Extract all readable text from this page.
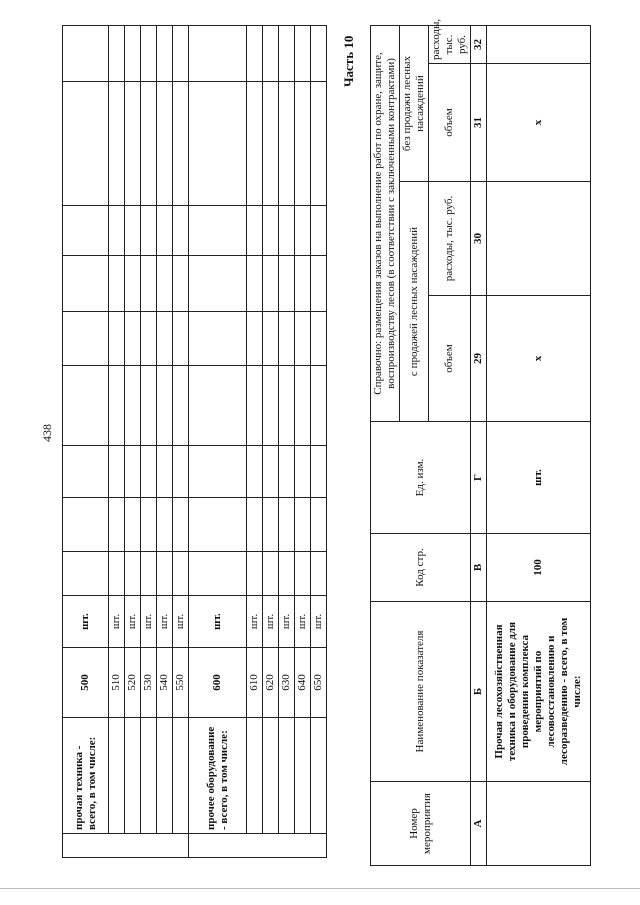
438
	прочая техника - всего, в том числе:	500	шт.									
		510	шт.									
		520	шт.									
		530	шт.									
		540	шт.									
		550	шт.									
	прочее оборудование - всего, в том числе:	600	шт.									
		610	шт.									
		620	шт.									
		630	шт.									
		640	шт.									
		650	шт.									
Часть 10
Номер мероприятия	Наименование показателя	Код стр.	Ед. изм.	Справочно: размещения заказов на выполнение работ по охране, защите, воспроизводству лесов (в соответствии с заключенными контрактами)			
				с продажей лесных насаждений		без продажи лесных насаждений	
				объем	расходы, тыс. руб.	объем	расходы, тыс. руб.
А	Б	В	Г	29	30	31	32
	Прочая лесохозяйственная техника и оборудование для проведения комплекса мероприятий по лесовосстановлению и лесоразведению - всего, в том числе:	100	шт.	x		x	
